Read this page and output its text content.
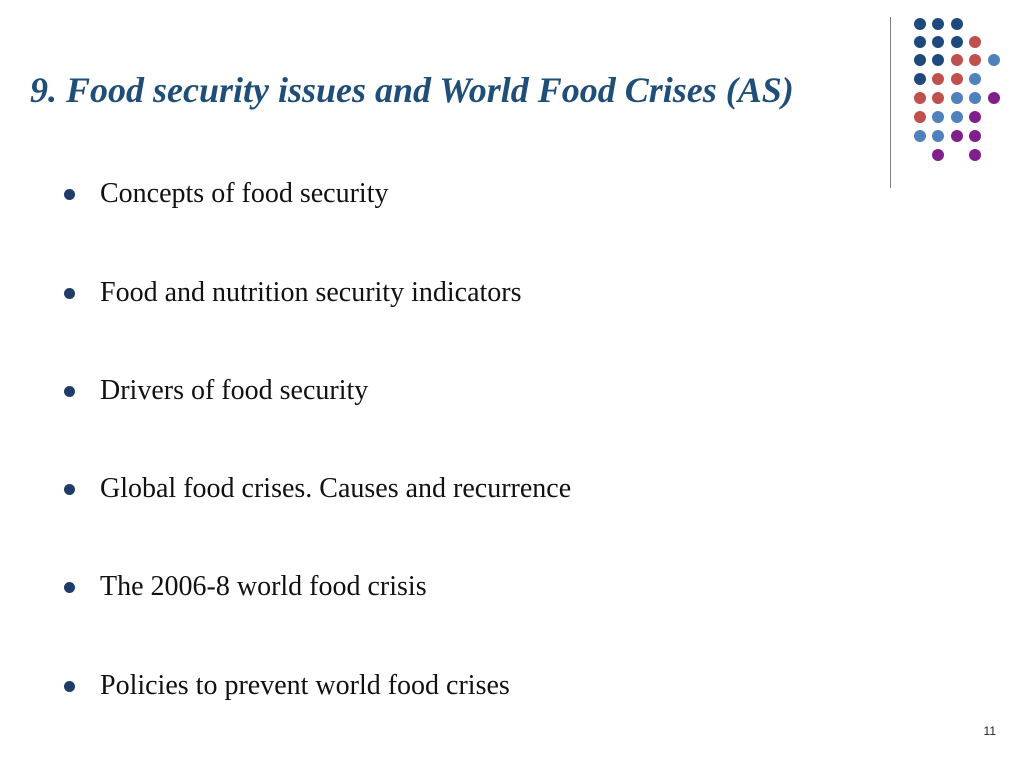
9. Food security issues and World Food Crises (AS)
Concepts of food security
Food and nutrition security indicators
Drivers of food security
Global food crises. Causes and recurrence
The 2006-8 world food crisis
Policies to prevent world food crises
11
